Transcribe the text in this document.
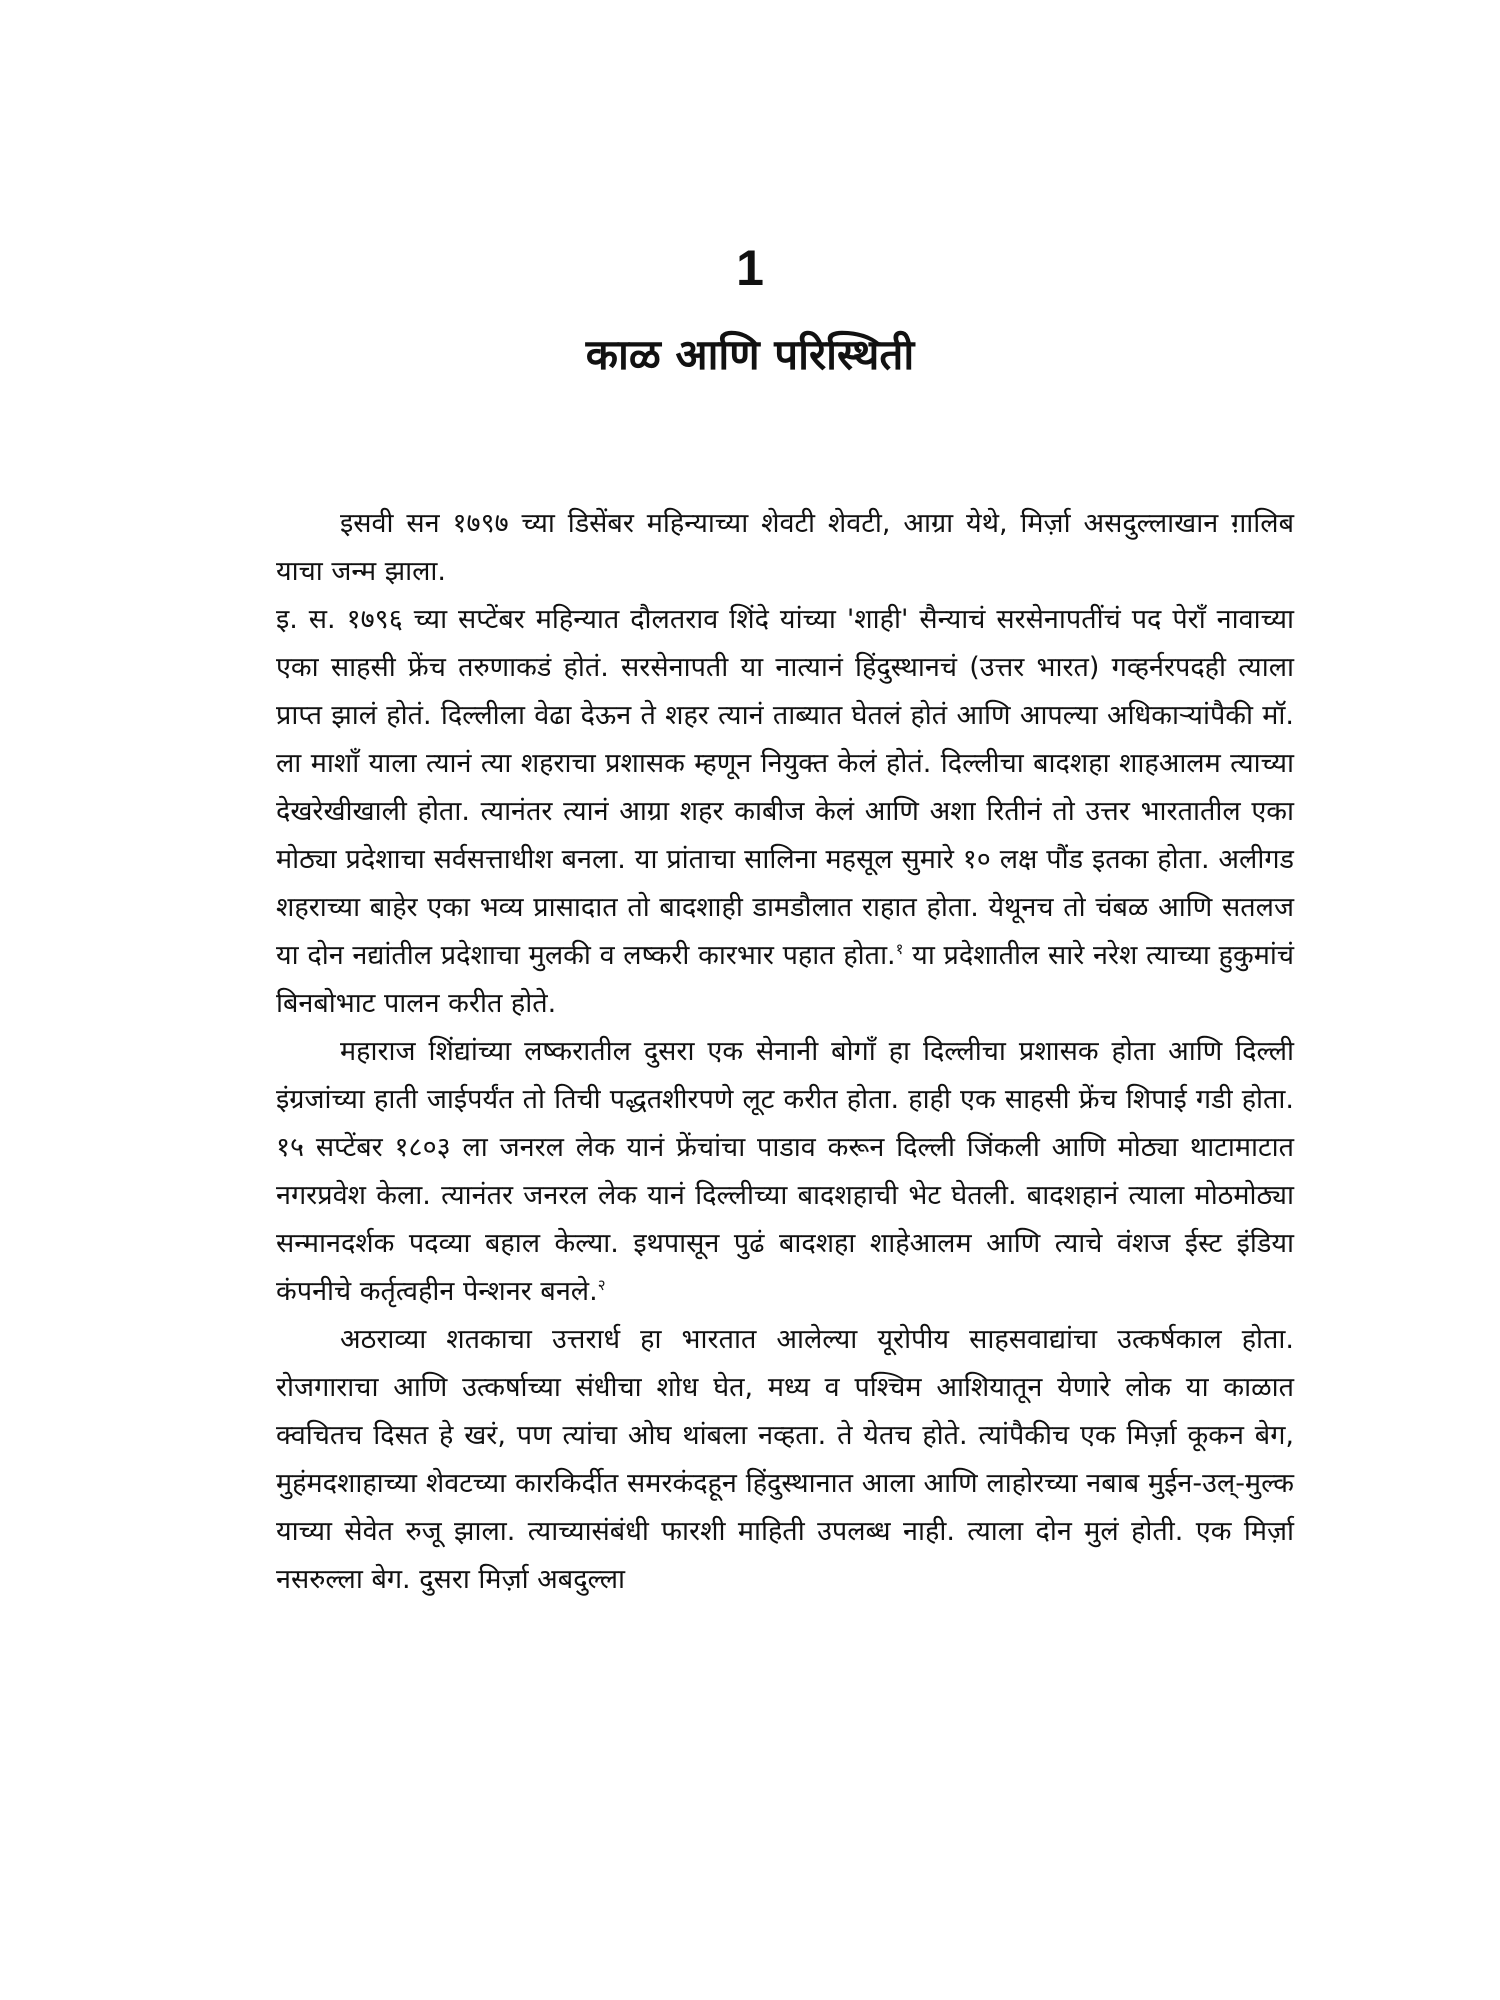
1
काळ आणि परिस्थिती

इसवी सन १७९७ च्या डिसेंबर महिन्याच्या शेवटी शेवटी, आग्रा येथे, मिर्ज़ा असदुल्लाखान ग़ालिब याचा जन्म झाला.

इ. स. १७९६ च्या सप्टेंबर महिन्यात दौलतराव शिंदे यांच्या 'शाही' सैन्याचं सरसेनापतींचं पद पेरॉं नावाच्या एका साहसी फ्रेंच तरुणाकडं होतं. सरसेनापती या नात्यानं हिंदुस्थानचं (उत्तर भारत) गव्हर्नरपदही त्याला प्राप्त झालं होतं. दिल्लीला वेढा देऊन ते शहर त्यानं ताब्यात घेतलं होतं आणि आपल्या अधिकाऱ्यांपैकी मॉ. ला माशॉं याला त्यानं त्या शहराचा प्रशासक म्हणून नियुक्त केलं होतं. दिल्लीचा बादशहा शाहआलम त्याच्या देखरेखीखाली होता. त्यानंतर त्यानं आग्रा शहर काबीज केलं आणि अशा रितीनं तो उत्तर भारतातील एका मोठ्या प्रदेशाचा सर्वसत्ताधीश बनला. या प्रांताचा सालिना महसूल सुमारे १० लक्ष पौंड इतका होता. अलीगड शहराच्या बाहेर एका भव्य प्रासादात तो बादशाही डामडौलात राहात होता. येथूनच तो चंबळ आणि सतलज या दोन नद्यांतील प्रदेशाचा मुलकी व लष्करी कारभार पहात होता.$^१$ या प्रदेशातील सारे नरेश त्याच्या हुकुमांचं बिनबोभाट पालन करीत होते.

महाराज शिंद्यांच्या लष्करातील दुसरा एक सेनानी बोगॉं हा दिल्लीचा प्रशासक होता आणि दिल्ली इंग्रजांच्या हाती जाईपर्यंत तो तिची पद्धतशीरपणे लूट करीत होता. हाही एक साहसी फ्रेंच शिपाई गडी होता. १५ सप्टेंबर १८०३ ला जनरल लेक यानं फ्रेंचांचा पाडाव करून दिल्ली जिंकली आणि मोठ्या थाटामाटात नगरप्रवेश केला. त्यानंतर जनरल लेक यानं दिल्लीच्या बादशहाची भेट घेतली. बादशहानं त्याला मोठमोठ्या सन्मानदर्शक पदव्या बहाल केल्या. इथपासून पुढं बादशहा शाहेआलम आणि त्याचे वंशज ईस्ट इंडिया कंपनीचे कर्तृत्वहीन पेन्शनर बनले.$^२$

अठराव्या शतकाचा उत्तरार्ध हा भारतात आलेल्या यूरोपीय साहसवाद्यांचा उत्कर्षकाल होता. रोजगाराचा आणि उत्कर्षाच्या संधीचा शोध घेत, मध्य व पश्चिम आशियातून येणारे लोक या काळात क्वचितच दिसत हे खरं, पण त्यांचा ओघ थांबला नव्हता. ते येतच होते. त्यांपैकीच एक मिर्ज़ा कूकन बेग, मुहंमदशाहाच्या शेवटच्या कारकिर्दीत समरकंदहून हिंदुस्थानात आला आणि लाहोरच्या नबाब मुईन-उल्-मुल्क याच्या सेवेत रुजू झाला. त्याच्यासंबंधी फारशी माहिती उपलब्ध नाही. त्याला दोन मुलं होती. एक मिर्ज़ा नसरुल्ला बेग. दुसरा मिर्ज़ा अबदुल्ला
